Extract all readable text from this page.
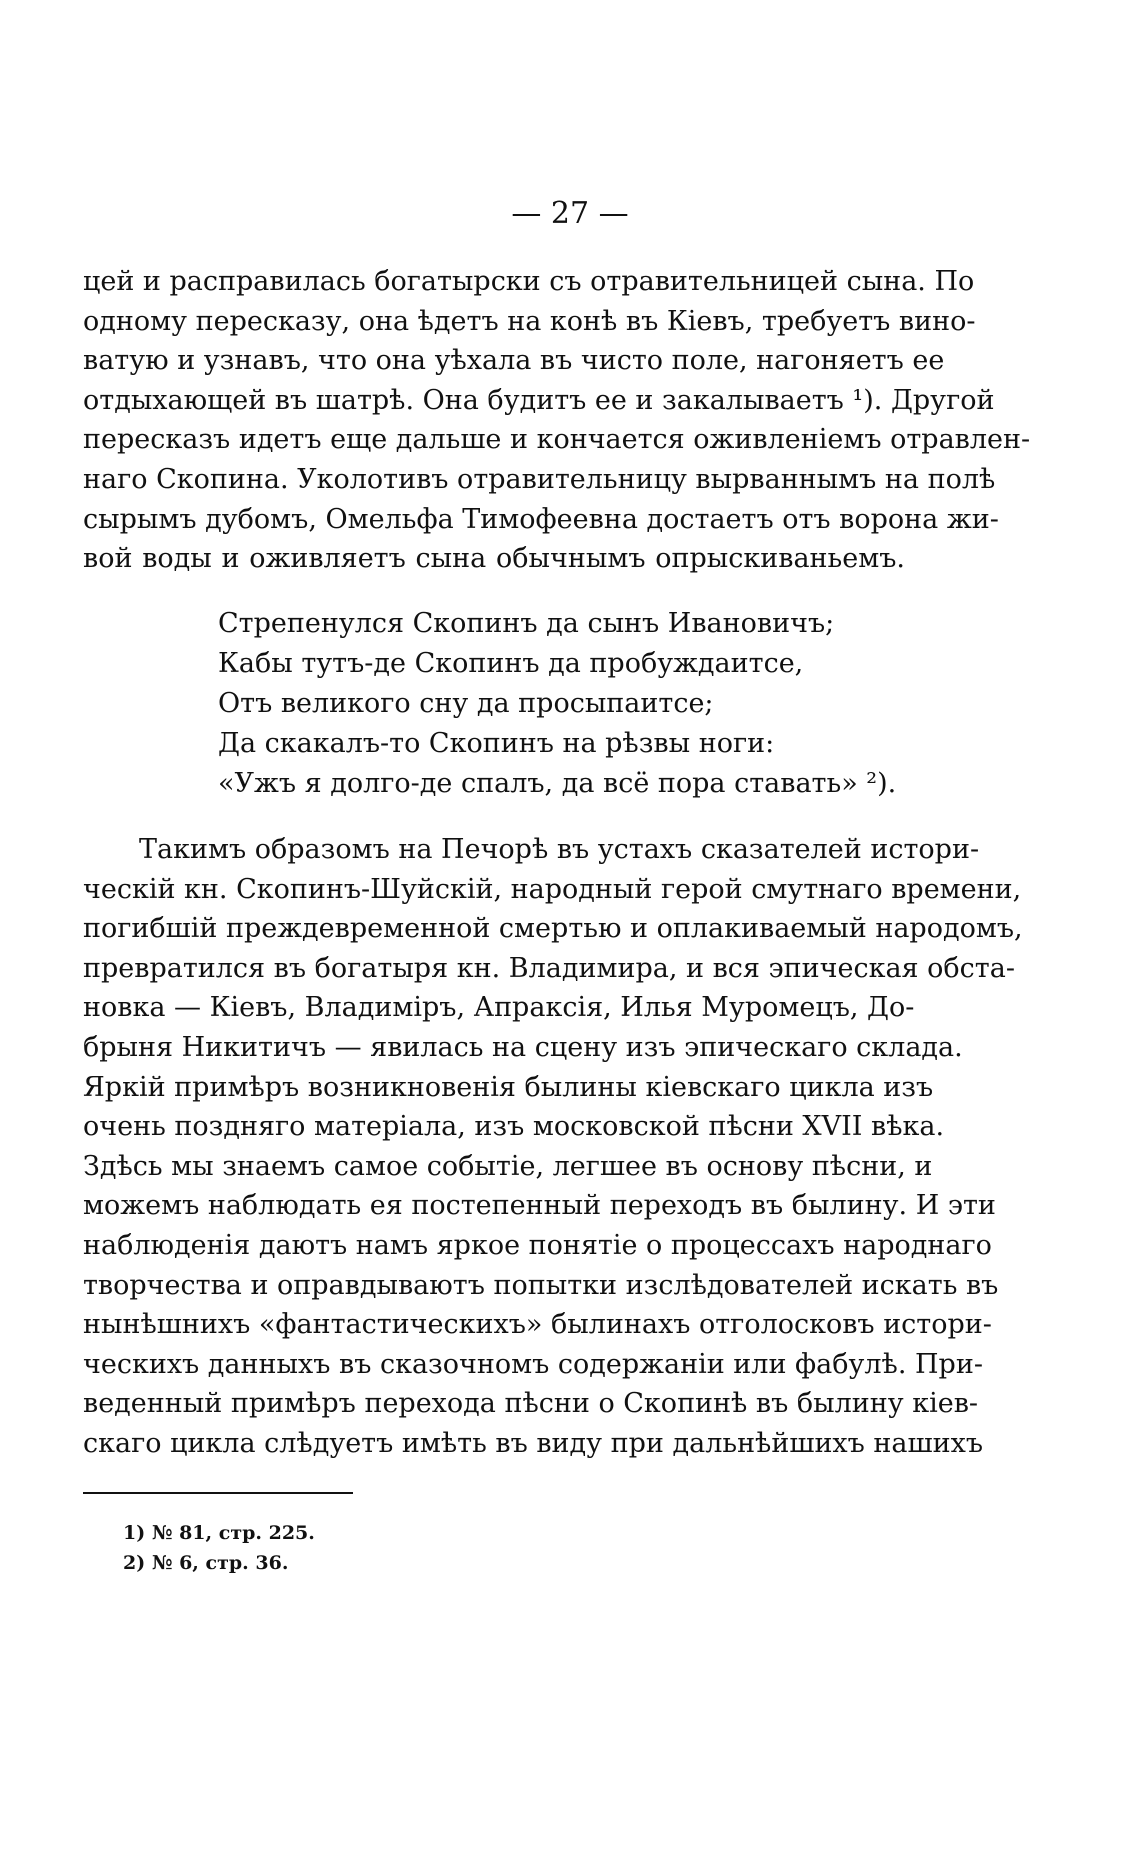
— 27 —
цей и расправилась богатырски съ отравительницей сына. По
одному пересказу, она ѣдетъ на конѣ въ Кіевъ, требуетъ вино-
ватую и узнавъ, что она уѣхала въ чисто поле, нагоняетъ ее
отдыхающей въ шатрѣ. Она будитъ ее и закалываетъ ¹). Другой
пересказъ идетъ еще дальше и кончается оживленіемъ отравлен-
наго Скопина. Уколотивъ отравительницу вырваннымъ на полѣ
сырымъ дубомъ, Омельфа Тимофеевна достаетъ отъ ворона жи-
вой воды и оживляетъ сына обычнымъ опрыскиваньемъ.
Стрепенулся Скопинъ да сынъ Ивановичъ;
Кабы тутъ-де Скопинъ да пробуждаитсе,
Отъ великого сну да просыпаитсе;
Да скакалъ-то Скопинъ на рѣзвы ноги:
«Ужъ я долго-де спалъ, да всё пора ставать» ²).
Такимъ образомъ на Печорѣ въ устахъ сказателей истори-
ческій кн. Скопинъ-Шуйскій, народный герой смутнаго времени,
погибшій преждевременной смертью и оплакиваемый народомъ,
превратился въ богатыря кн. Владимира, и вся эпическая обста-
новка — Кіевъ, Владиміръ, Апраксія, Илья Муромецъ, До-
брыня Никитичъ — явилась на сцену изъ эпическаго склада.
Яркій примѣръ возникновенія былины кіевскаго цикла изъ
очень поздняго матеріала, изъ московской пѣсни XVII вѣка.
Здѣсь мы знаемъ самое событіе, легшее въ основу пѣсни, и
можемъ наблюдать ея постепенный переходъ въ былину. И эти
наблюденія даютъ намъ яркое понятіе о процессахъ народнаго
творчества и оправдываютъ попытки изслѣдователей искать въ
нынѣшнихъ «фантастическихъ» былинахъ отголосковъ истори-
ческихъ данныхъ въ сказочномъ содержаніи или фабулѣ. При-
веденный примѣръ перехода пѣсни о Скопинѣ въ былину кіев-
скаго цикла слѣдуетъ имѣть въ виду при дальнѣйшихъ нашихъ
1) № 81, стр. 225.
2) № 6, стр. 36.
